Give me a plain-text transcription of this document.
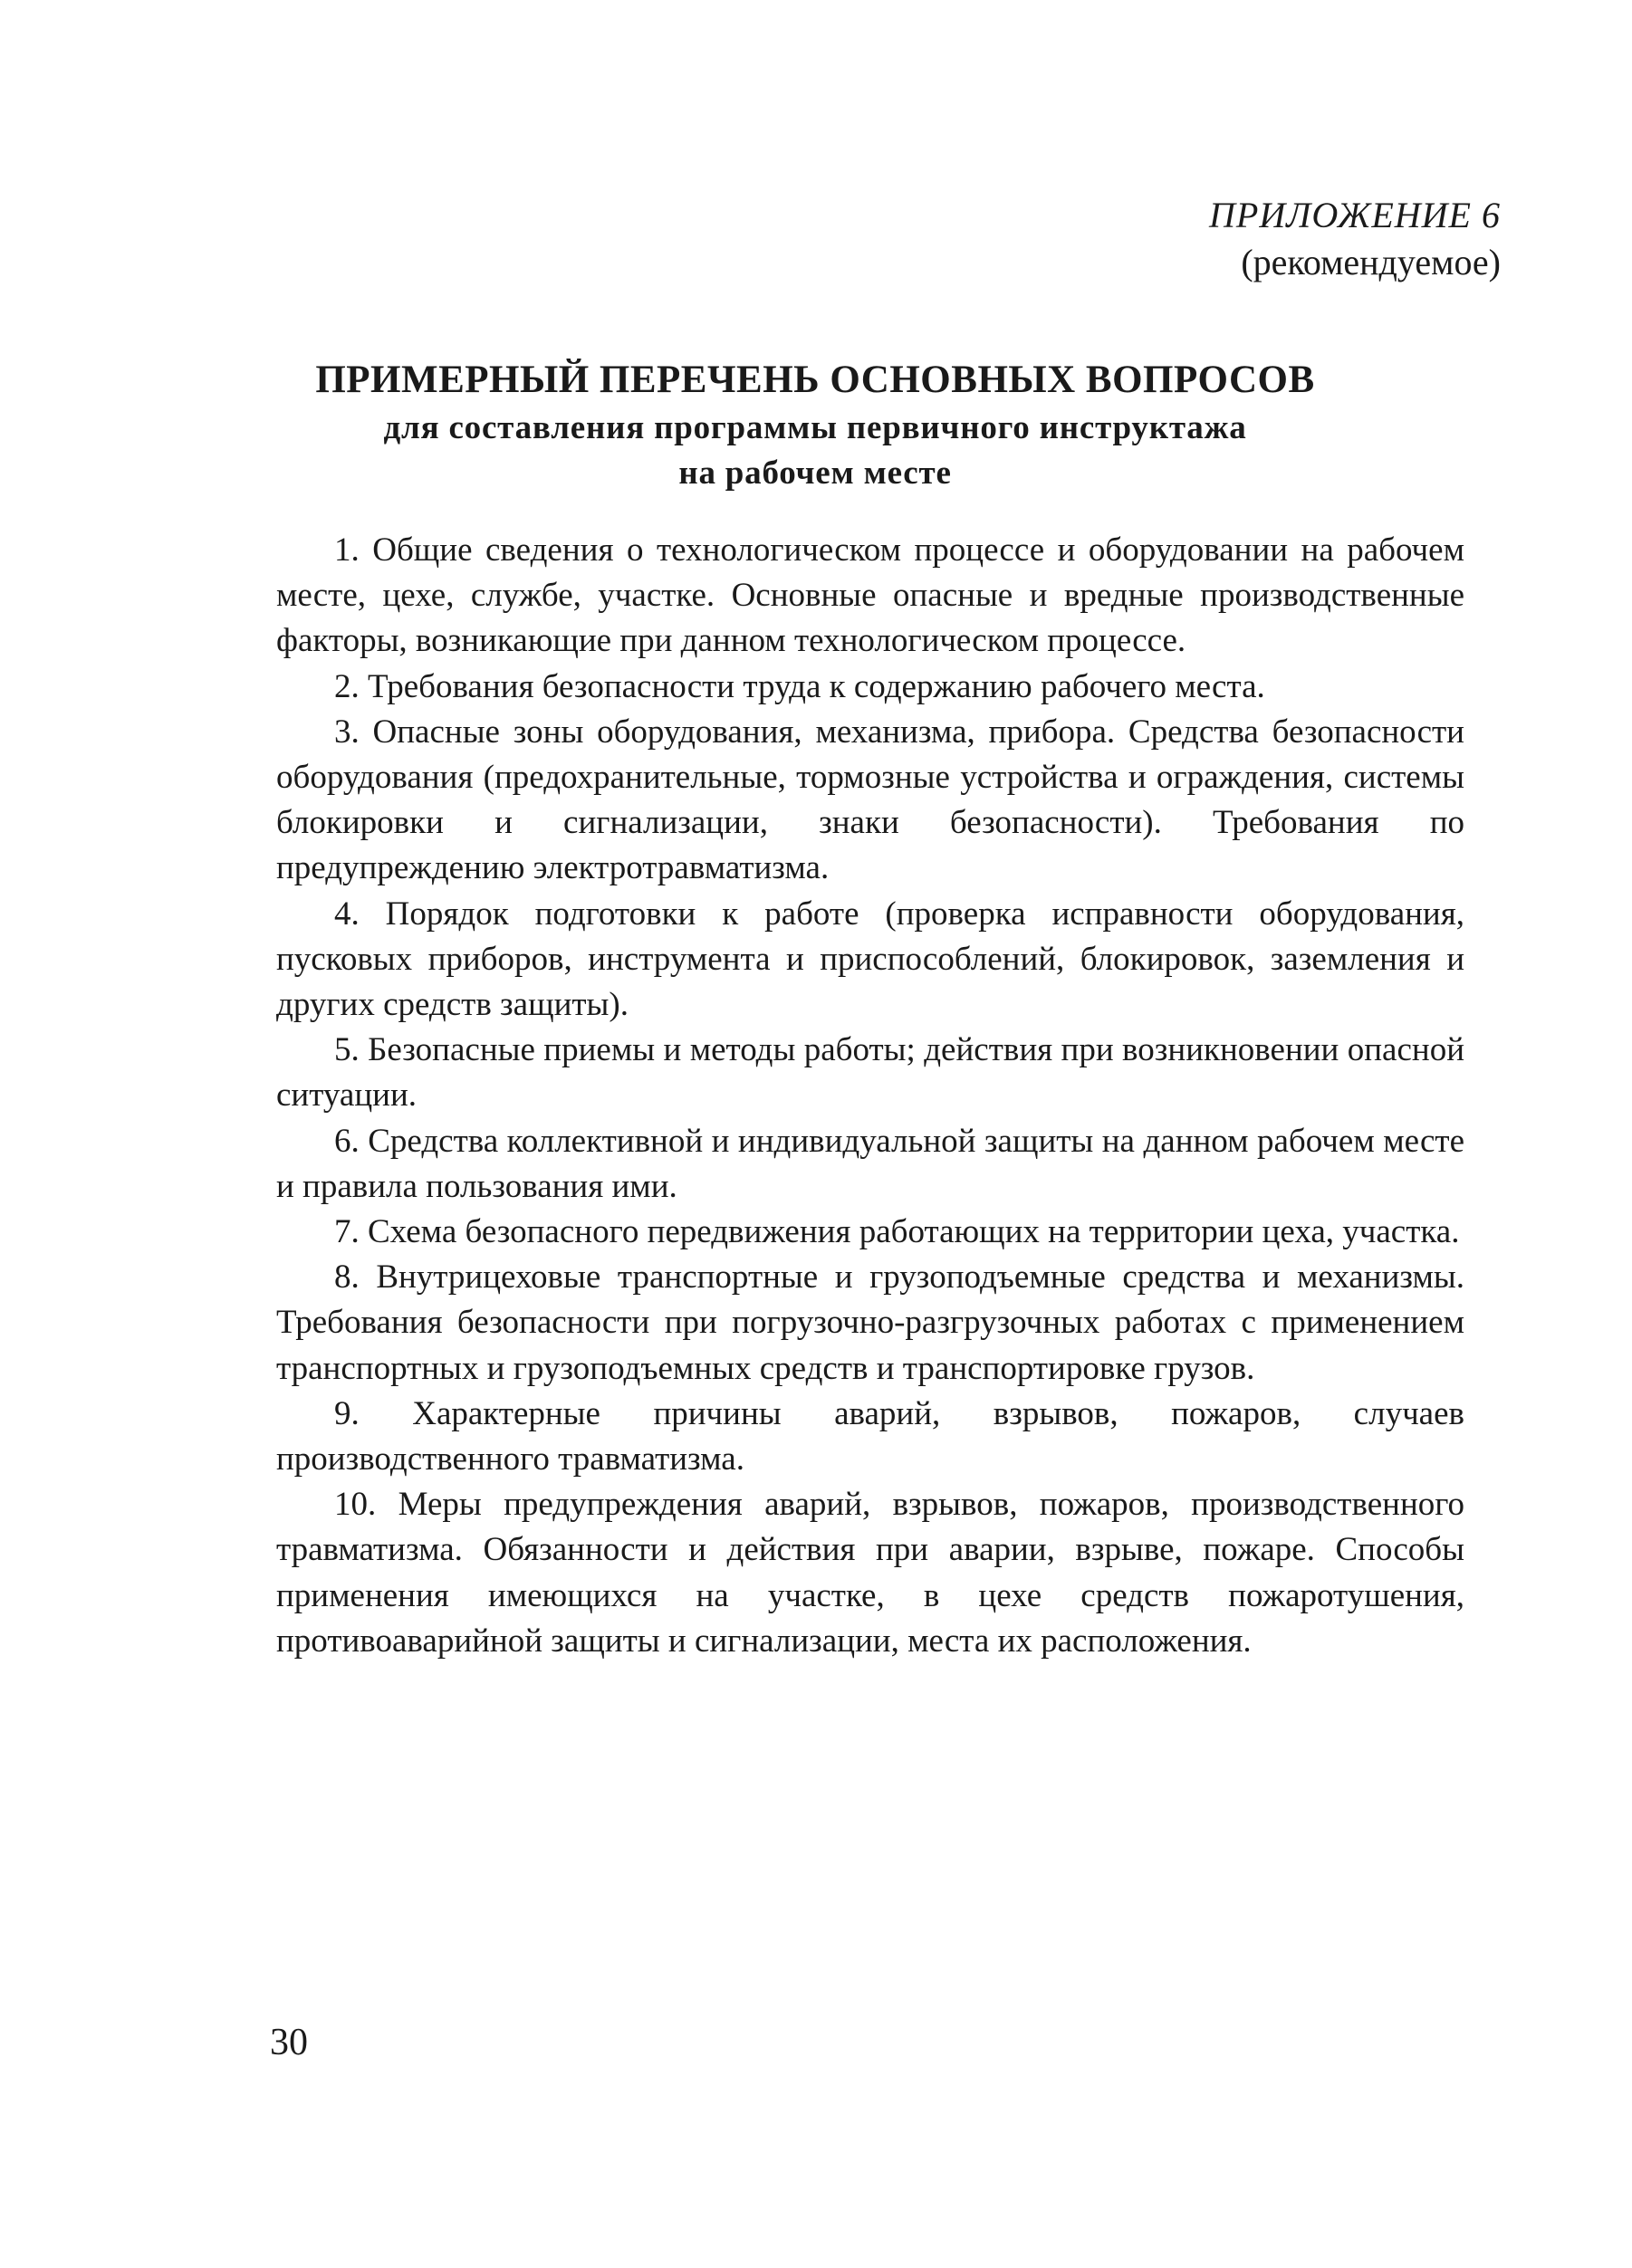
ПРИЛОЖЕНИЕ 6
(рекомендуемое)
ПРИМЕРНЫЙ ПЕРЕЧЕНЬ ОСНОВНЫХ ВОПРОСОВ
для составления программы первичного инструктажа
на рабочем месте

1. Общие сведения о технологическом процессе и оборудовании на рабочем месте, цехе, службе, участке. Основные опасные и вредные производственные факторы, возникающие при данном технологическом процессе.

2. Требования безопасности труда к содержанию рабочего места.

3. Опасные зоны оборудования, механизма, прибора. Средства безопасности оборудования (предохранительные, тормозные устройства и ограждения, системы блокировки и сигнализации, знаки безопасности). Требования по предупреждению электротравматизма.

4. Порядок подготовки к работе (проверка исправности оборудования, пусковых приборов, инструмента и приспособлений, блокировок, заземления и других средств защиты).

5. Безопасные приемы и методы работы; действия при возникновении опасной ситуации.

6. Средства коллективной и индивидуальной защиты на данном рабочем месте и правила пользования ими.

7. Схема безопасного передвижения работающих на территории цеха, участка.

8. Внутрицеховые транспортные и грузоподъемные средства и механизмы. Требования безопасности при погрузочно-разгрузочных работах с применением транспортных и грузоподъемных средств и транспортировке грузов.

9. Характерные причины аварий, взрывов, пожаров, случаев производственного травматизма.

10. Меры предупреждения аварий, взрывов, пожаров, производственного травматизма. Обязанности и действия при аварии, взрыве, пожаре. Способы применения имеющихся на участке, в цехе средств пожаротушения, противоаварийной защиты и сигнализации, места их расположения.

30
